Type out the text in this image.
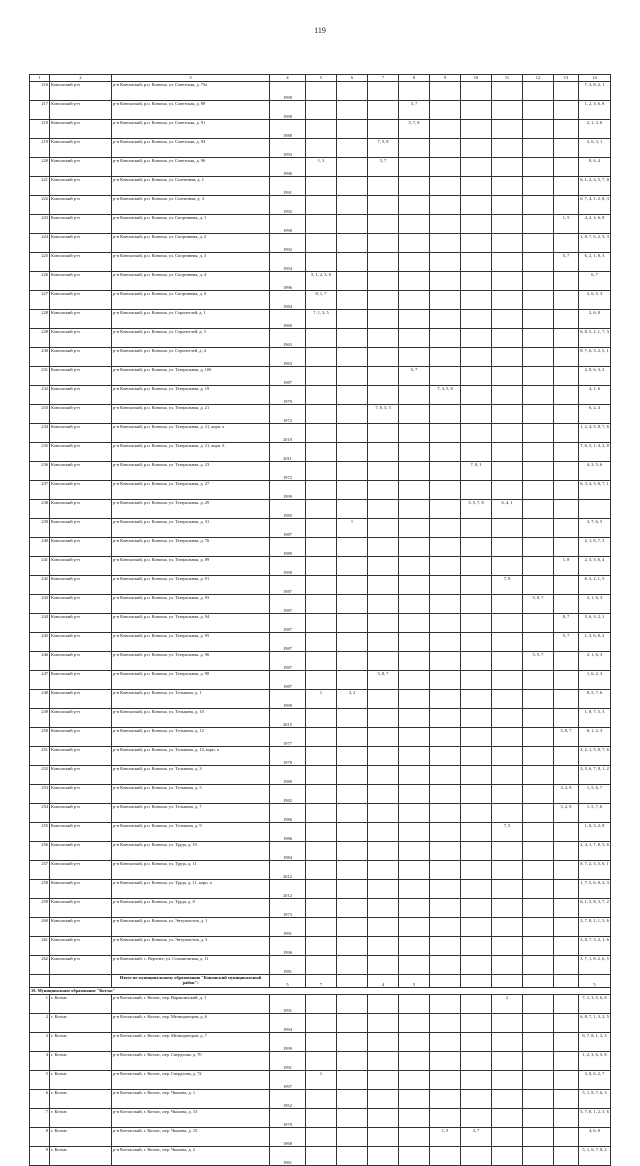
119
1	2	3	4	5	6	7	8	9	10	11	12	13	14
216	Коношский р-н	р-н Коношский, р.п. Коноша, ул. Советская, д. 75а	1990										7, 3, 8, 2, 1
217	Коношский р-н	р-н Коношский, р.п. Коноша, ул. Советская, д. 89	1990				3, 7						1, 2, 3, 6, 8
218	Коношский р-н	р-н Коношский, р.п. Коноша, ул. Советская, д. 91	1988				5, 7, 8						2, 1, 3, 6
219	Коношский р-н	р-н Коношский, р.п. Коноша, ул. Советская, д. 94	1993			7, 5, 8							2, 6, 3, 1
220	Коношский р-н	р-н Коношский, р.п. Коноша, ул. Советская, д. 96	1996	1, 3		5, 7							8, 6, 4
221	Коношский р-н	р-н Коношский, р.п. Коноша, ул. Солнечная, д. 1	1991										6, 1, 2, 3, 5, 7, 8
222	Коношский р-н	р-н Коношский, р.п. Коноша, ул. Солнечная, д. 3	1992										6, 7, 4, 1, 2, 8, 3
223	Коношский р-н	р-н Коношский, р.п. Коноша, ул. Спортивная, д. 1	1990									1, 5	4, 2, 3, 6, 8
224	Коношский р-н	р-н Коношский, р.п. Коноша, ул. Спортивная, д. 2	1992										1, 8, 7, 6, 2, 5, 3
225	Коношский р-н	р-н Коношский, р.п. Коноша, ул. Спортивная, д. 3	1994									5, 7	6, 2, 1, 8, 3
226	Коношский р-н	р-н Коношский, р.п. Коноша, ул. Спортивная, д. 4	1996	5, 1, 2, 3, 8									6, 7
227	Коношский р-н	р-н Коношский, р.п. Коноша, ул. Спортивная, д. 6	1984	8, 1, 7									2, 6, 5, 3
228	Коношский р-н	р-н Коношский, р.п. Коноша, ул. Строителей, д. 1	1960	7, 1, 3, 5									2, 6, 8
229	Коношский р-н	р-н Коношский, р.п. Коноша, ул. Строителей, д. 3	1963										6, 8, 5, 2, 1, 7, 3
230	Коношский р-н	р-н Коношский, р.п. Коноша, ул. Строителей, д. 4	1963										8, 7, 6, 3, 2, 5, 1
231	Коношский р-н	р-н Коношский, р.п. Коноша, ул. Театральная, д. 10б	1987				5, 7						2, 8, 6, 3, 2
232	Коношский р-н	р-н Коношский, р.п. Коноша, ул. Театральная, д. 19	1979					7, 3, 5, 8					4, 1, 6
233	Коношский р-н	р-н Коношский, р.п. Коноша, ул. Театральная, д. 21	1972			7, 8, 5, 3							6, 2, 4
234	Коношский р-н	р-н Коношский, р.п. Коноша, ул. Театральная, д. 21, корп. а	2010										1, 2, 4, 5, 8, 7, 6
235	Коношский р-н	р-н Коношский, р.п. Коноша, ул. Театральная, д. 21, корп. б	2011										7, 6, 5, 1, 4, 2, 8
236	Коношский р-н	р-н Коношский, р.п. Коноша, ул. Театральная, д. 23	1972						7, 8, 1				4, 3, 5, 6
237	Коношский р-н	р-н Коношский, р.п. Коноша, ул. Театральная, д. 27	1999										6, 3, 4, 5, 8, 7, 1
238	Коношский р-н	р-н Коношский, р.п. Коноша, ул. Театральная, д. 29	1985						3, 5, 7, 8	6, 4, 1			
239	Коношский р-н	р-н Коношский, р.п. Коноша, ул. Театральная, д. 31	1987		1								3, 7, 6, 5
240	Коношский р-н	р-н Коношский, р.п. Коноша, ул. Театральная, д. 76	1989										2, 1, 8, 7, 3
241	Коношский р-н	р-н Коношский, р.п. Коноша, ул. Театральная, д. 89	1990									1, 8	2, 3, 5, 6, 4
242	Коношский р-н	р-н Коношский, р.п. Коноша, ул. Театральная, д. 91	1987							7, 8			6, 3, 2, 1, 5
243	Коношский р-н	р-н Коношский, р.п. Коноша, ул. Театральная, д. 93	1987								5, 8, 7		2, 1, 6, 3
244	Коношский р-н	р-н Коношский, р.п. Коноша, ул. Театральная, д. 94	1987									8, 7	5, 6, 3, 2, 1
245	Коношский р-н	р-н Коношский, р.п. Коноша, ул. Театральная, д. 95	1987									5, 7	1, 3, 6, 8, 2
246	Коношский р-н	р-н Коношский, р.п. Коноша, ул. Театральная, д. 96	1987								3, 5, 7		2, 1, 6, 3
247	Коношский р-н	р-н Коношский, р.п. Коноша, ул. Театральная, д. 98	1987			5, 8, 7							1, 6, 2, 3
248	Коношский р-н	р-н Коношский, р.п. Коноша, ул. Тельмана, д. 1	1999	1	3, 2								8, 5, 7, 6
249	Коношский р-н	р-н Коношский, р.п. Коноша, ул. Тельмана, д. 10	2015										1, 8, 7, 5, 3
250	Коношский р-н	р-н Коношский, р.п. Коноша, ул. Тельмана, д. 12	1977									5, 8, 7	6, 1, 2, 3
251	Коношский р-н	р-н Коношский, р.п. Коноша, ул. Тельмана, д. 12, корп. а	1978										3, 2, 1, 5, 8, 7, 6
252	Коношский р-н	р-н Коношский, р.п. Коноша, ул. Тельмана, д. 3	1980										3, 5, 6, 7, 8, 1, 2
253	Коношский р-н	р-н Коношский, р.п. Коноша, ул. Тельмана, д. 5	1982									3, 2, 8	1, 5, 6, 7
254	Коношский р-н	р-н Коношский, р.п. Коноша, ул. Тельмана, д. 7	1986									3, 2, 8	1, 5, 7, 6
255	Коношский р-н	р-н Коношский, р.п. Коноша, ул. Тельмана, д. 9	1986							7, 5			1, 6, 3, 2, 8
256	Коношский р-н	р-н Коношский, р.п. Коноша, ул. Труда, д. 10	1984										2, 4, 1, 7, 8, 5, 6
257	Коношский р-н	р-н Коношский, р.п. Коноша, ул. Труда, д. 11	2012										8, 7, 2, 3, 5, 6, 1
258	Коношский р-н	р-н Коношский, р.п. Коноша, ул. Труда, д. 11, корп. а	2012										1, 7, 5, 6, 8, 2, 3
259	Коношский р-н	р-н Коношский, р.п. Коноша, ул. Труда, д. 8	1973										6, 1, 5, 8, 3, 7, 2
260	Коношский р-н	р-н Коношский, р.п. Коноша, ул. Энтузиастов, д. 1	1991										3, 7, 8, 2, 1, 5, 6
261	Коношский р-н	р-н Коношский, р.п. Коноша, ул. Энтузиастов, д. 3	1996										5, 8, 7, 3, 2, 1, 6
262	Коношский р-н	р-н Коношский, с. Верхнее, ул. Стахановская, д. 11	1981										3, 7, 1, 8, 2, 6, 5
		Итого по муниципальному образованию "Коношский муниципальный район":	5	7		4	5						5
10. Муниципальное образование "Котлас"													
1	г. Котлас	р-н Котласский, г. Котлас, пер. Вараксинский, д. 1	1991							2			7, 1, 3, 5, 6, 8
2	г. Котлас	р-н Котласский, г. Котлас, пер. Мелиораторов, д. 6	1994										6, 8, 7, 1, 3, 2, 5
3	г. Котлас	р-н Котласский, г. Котлас, пер. Мелиораторов, д. 7	1999										6, 7, 8, 1, 2, 3
4	г. Котлас	р-н Котласский, г. Котлас, пер. Свердлова, д. 70	1991										1, 2, 3, 6, 5, 8
5	г. Котлас	р-н Котласский, г. Котлас, пер. Свердлова, д. 72	1997	1									3, 8, 6, 2, 7
6	г. Котлас	р-н Котласский, г. Котлас, пер. Чкалова, д. 1	1952										5, 1, 8, 7, 6, 3
7	г. Котлас	р-н Котласский, г. Котлас, пер. Чкалова, д. 13	1979										5, 7, 8, 1, 2, 3, 6
8	г. Котлас	р-н Котласский, г. Котлас, пер. Чкалова, д. 15	1968					1, 5	3, 7				4, 6, 8
9	г. Котлас	р-н Котласский, г. Котлас, пер. Чкалова, д. 2	1961										5, 1, 6, 7, 8, 2
